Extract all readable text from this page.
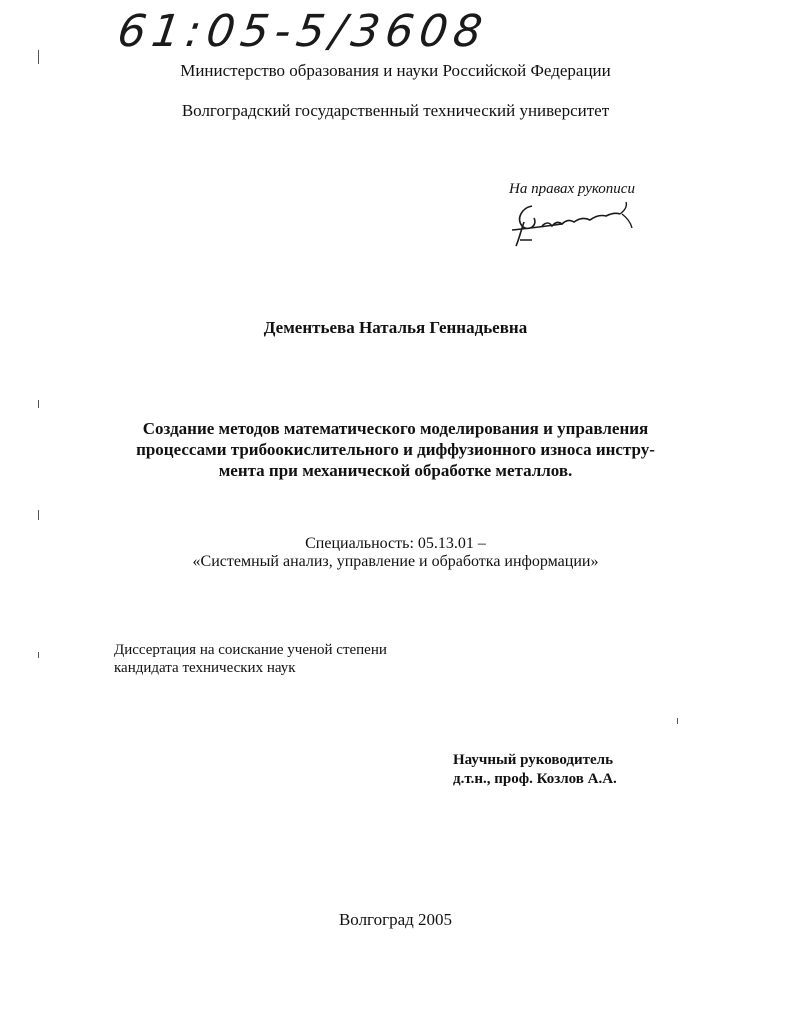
61:05-5/3608
Министерство образования и науки Российской Федерации
Волгоградский государственный технический университет
На правах рукописи
Дементьева Наталья Геннадьевна
Создание методов математического моделирования и управления
процессами трибоокислительного и диффузионного износа инстру-
мента при механической обработке металлов.
Специальность: 05.13.01 –
«Системный анализ, управление и обработка информации»
Диссертация на соискание ученой степени
кандидата технических наук
Научный руководитель
д.т.н., проф. Козлов А.А.
Волгоград 2005
